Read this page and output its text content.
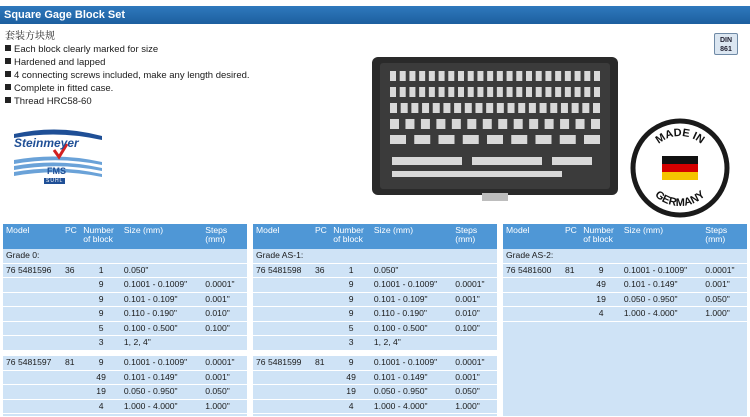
Square Gage Block Set
套装方块规
Each block clearly marked for size
Hardened and lapped
4 connecting screws included, make any length desired.
Complete in fitted case.
Thread HRC58-60
DIN
861
Steinmeyer
FMS
SUHL
MADE IN
GERMANY
Model	PC	Number of block	Size (mm)	Steps (mm)
Grade 0:				
76 5481596	36	1	0.050"	
		9	0.1001 - 0.1009"	0.0001"
		9	0.101 - 0.109"	0.001"
		9	0.110 - 0.190"	0.010"
		5	0.100 - 0.500"	0.100"
		3	1, 2, 4"	

76 5481597	81	9	0.1001 - 0.1009"	0.0001"
		49	0.101 - 0.149"	0.001"
		19	0.050 - 0.950"	0.050"
		4	1.000 - 4.000"	1.000"
Model	PC	Number of block	Size (mm)	Steps (mm)
Grade AS-1:				
76 5481598	36	1	0.050"	
		9	0.1001 - 0.1009"	0.0001"
		9	0.101 - 0.109"	0.001"
		9	0.110 - 0.190"	0.010"
		5	0.100 - 0.500"	0.100"
		3	1, 2, 4"	

76 5481599	81	9	0.1001 - 0.1009"	0.0001"
		49	0.101 - 0.149"	0.001"
		19	0.050 - 0.950"	0.050"
		4	1.000 - 4.000"	1.000"
Model	PC	Number of block	Size (mm)	Steps (mm)
Grade AS-2:				
76 5481600	81	9	0.1001 - 0.1009"	0.0001"
		49	0.101 - 0.149"	0.001"
		19	0.050 - 0.950"	0.050"
		4	1.000 - 4.000"	1.000"
